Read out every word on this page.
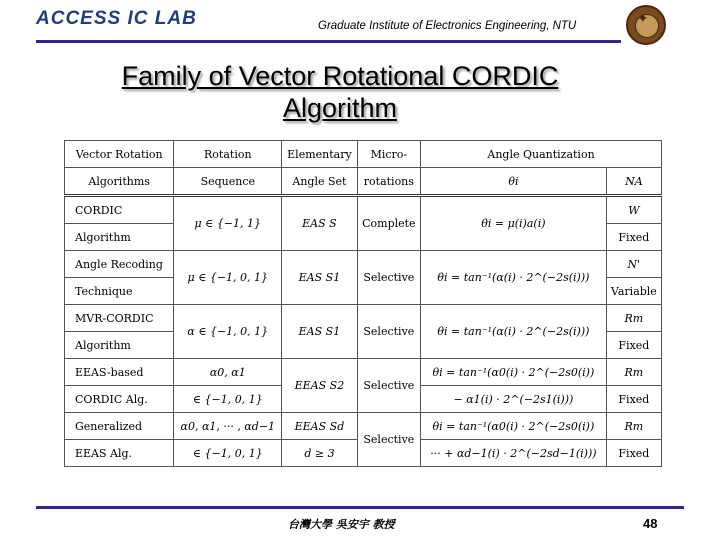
ACCESS IC LAB	Graduate Institute of Electronics Engineering, NTU	✦
Family of Vector Rotational CORDIC
Algorithm
Vector Rotation	Rotation	Elementary	Micro-	Angle Quantization	
Algorithms	Sequence	Angle Set	rotations	θi	NA
CORDIC	μ ∈ {−1, 1}	EAS S	Complete	θi = μ(i)a(i)	W
Algorithm					Fixed
Angle Recoding	μ ∈ {−1, 0, 1}	EAS S1	Selective	θi = tan⁻¹(α(i) · 2^(−2s(i)))	N'
Technique					Variable
MVR-CORDIC	α ∈ {−1, 0, 1}	EAS S1	Selective	θi = tan⁻¹(α(i) · 2^(−2s(i)))	Rm
Algorithm					Fixed
EEAS-based	α0, α1	EEAS S2	Selective	θi = tan⁻¹(α0(i) · 2^(−2s0(i))	Rm
CORDIC Alg.	∈ {−1, 0, 1}			− α1(i) · 2^(−2s1(i)))	Fixed
Generalized	α0, α1, ··· , αd−1	EEAS Sd	Selective	θi = tan⁻¹(α0(i) · 2^(−2s0(i))	Rm
EEAS Alg.	∈ {−1, 0, 1}	d ≥ 3		··· + αd−1(i) · 2^(−2sd−1(i)))	Fixed
台灣大學 吳安宇 教授	48
